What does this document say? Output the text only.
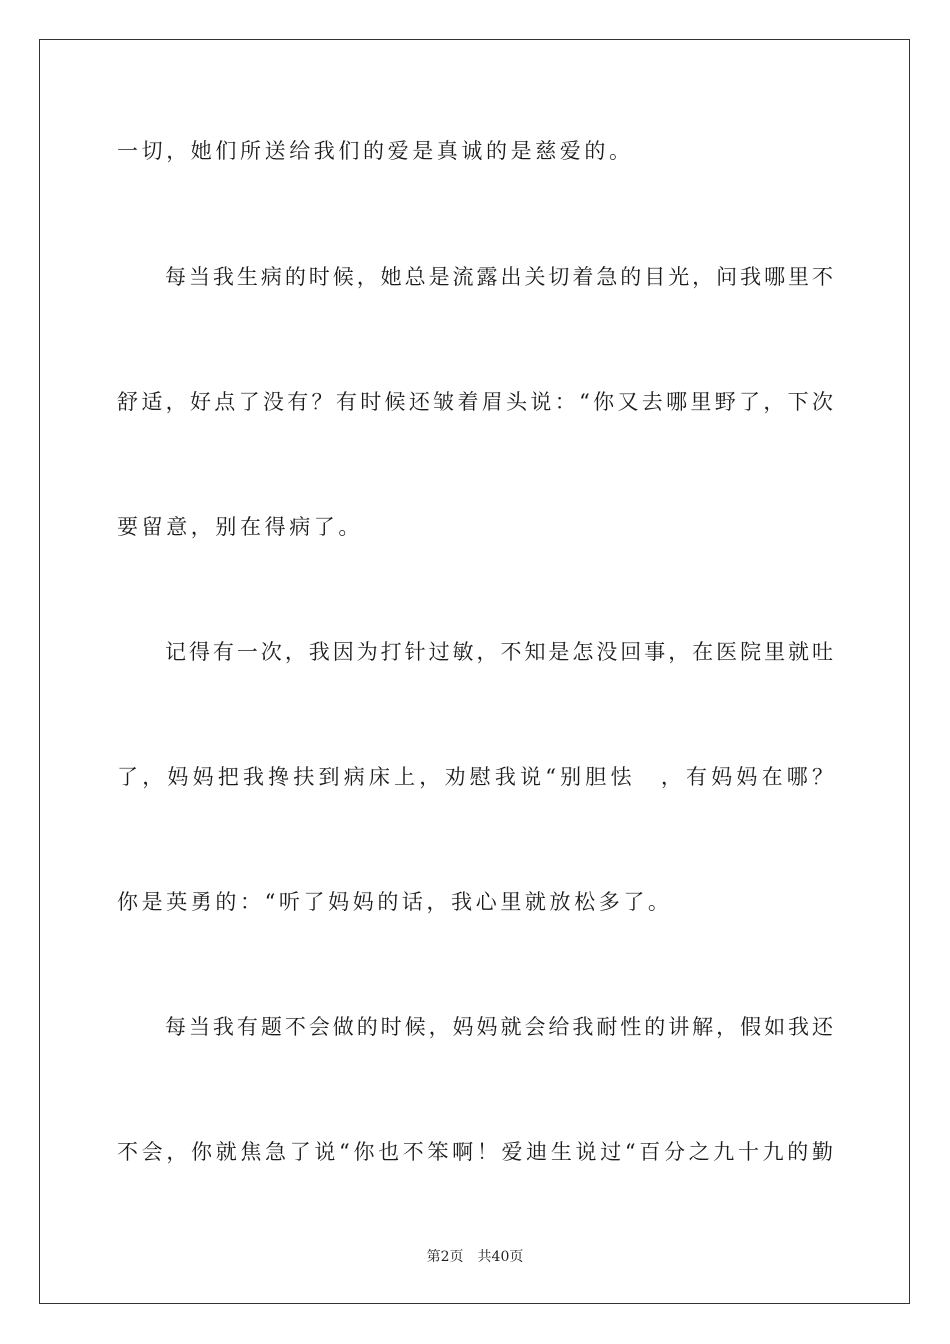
一切，她们所送给我们的爱是真诚的是慈爱的。
每当我生病的时候，她总是流露出关切着急的目光，问我哪里不
舒适，好点了没有？有时候还皱着眉头说：“你又去哪里野了，下次
要留意，别在得病了。
记得有一次，我因为打针过敏，不知是怎没回事，在医院里就吐
了，妈妈把我搀扶到病床上，劝慰我说“别胆怯　，有妈妈在哪？
你是英勇的：“听了妈妈的话，我心里就放松多了。
每当我有题不会做的时候，妈妈就会给我耐性的讲解，假如我还
不会，你就焦急了说“你也不笨啊！爱迪生说过“百分之九十九的勤
第2页　共40页
